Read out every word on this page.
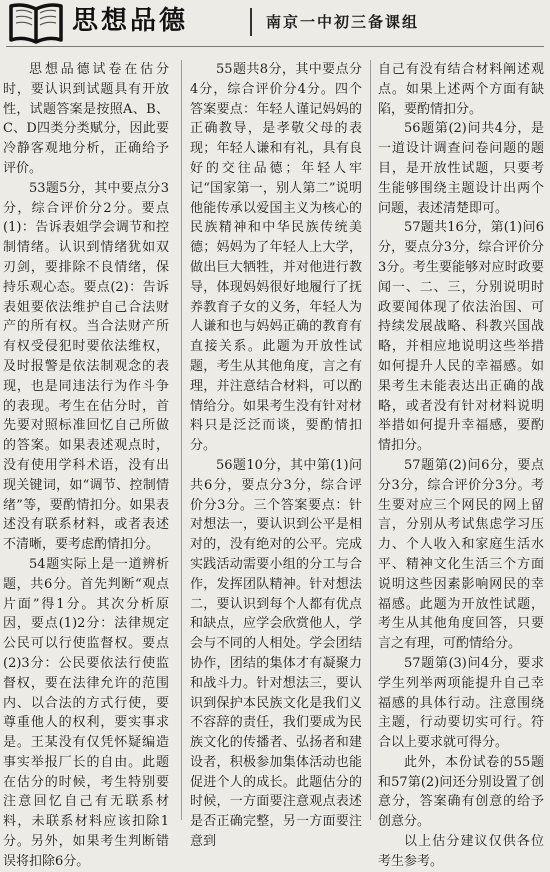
思想品德	南京一中初三备课组

思想品德试卷在估分时，要认识到试题具有开放性，试题答案是按照A、B、C、D四类分类赋分，因此要冷静客观地分析，正确给予评价。

53题5分，其中要点分3分，综合评价分2分。要点(1)：告诉表姐学会调节和控制情绪。认识到情绪犹如双刃剑，要排除不良情绪，保持乐观心态。要点(2)：告诉表姐要依法维护自己合法财产的所有权。当合法财产所有权受侵犯时要依法维权，及时报警是依法制观念的表现，也是同违法行为作斗争的表现。考生在估分时，首先要对照标准回忆自己所做的答案。如果表述观点时，没有使用学科术语，没有出现关键词，如“调节、控制情绪”等，要酌情扣分。如果表述没有联系材料，或者表述不清晰，要考虑酌情扣分。

54题实际上是一道辨析题，共6分。首先判断“观点片面”得1分。其次分析原因，要点(1)2分：法律规定公民可以行使监督权。要点(2)3分：公民要依法行使监督权，要在法律允许的范围内、以合法的方式行使，要尊重他人的权利，要实事求是。王某没有仅凭怀疑编造事实举报厂长的自由。此题在估分的时候，考生特别要注意回忆自己有无联系材料，未联系材料应该扣除1分。另外，如果考生判断错误将扣除6分。

55题共8分，其中要点分4分，综合评价分4分。四个答案要点：年轻人谨记妈妈的正确教导，是孝敬父母的表现；年轻人谦和有礼，具有良好的交往品德；年轻人牢记“国家第一，别人第二”说明他能传承以爱国主义为核心的民族精神和中华民族传统美德；妈妈为了年轻人上大学，做出巨大牺牲，并对他进行教导，体现妈妈很好地履行了抚养教育子女的义务，年轻人为人谦和也与妈妈正确的教育有直接关系。此题为开放性试题，考生从其他角度，言之有理，并注意结合材料，可以酌情给分。如果考生没有针对材料只是泛泛而谈，要酌情扣分。

56题10分，其中第(1)问共6分，要点分3分，综合评价分3分。三个答案要点：针对想法一，要认识到公平是相对的，没有绝对的公平。完成实践活动需要小组的分工与合作，发挥团队精神。针对想法二，要认识到每个人都有优点和缺点，应学会欣赏他人，学会与不同的人相处。学会团结协作，团结的集体才有凝聚力和战斗力。针对想法三，要认识到保护本民族文化是我们义不容辞的责任，我们要成为民族文化的传播者、弘扬者和建设者，积极参加集体活动也能促进个人的成长。此题估分的时候，一方面要注意观点表述是否正确完整，另一方面要注意到

自己有没有结合材料阐述观点。如果上述两个方面有缺陷，要酌情扣分。

56题第(2)问共4分，是一道设计调查问卷问题的题目，是开放性试题，只要考生能够围绕主题设计出两个问题，表述清楚即可。

57题共16分，第(1)问6分，要点分3分，综合评价分3分。考生要能够对应时政要闻一、二、三，分别说明时政要闻体现了依法治国、可持续发展战略、科教兴国战略，并相应地说明这些举措如何提升人民的幸福感。如果考生未能表达出正确的战略，或者没有针对材料说明举措如何提升幸福感，要酌情扣分。

57题第(2)问6分，要点分3分，综合评价分3分。考生要对应三个网民的网上留言，分别从考试焦虑学习压力、个人收入和家庭生活水平、精神文化生活三个方面说明这些因素影响网民的幸福感。此题为开放性试题，考生从其他角度回答，只要言之有理，可酌情给分。

57题第(3)问4分，要求学生列举两项能提升自己幸福感的具体行动。注意围绕主题，行动要切实可行。符合以上要求就可得分。

此外，本份试卷的55题和57第(2)问还分别设置了创意分，答案确有创意的给予创意分。

以上估分建议仅供各位考生参考。
